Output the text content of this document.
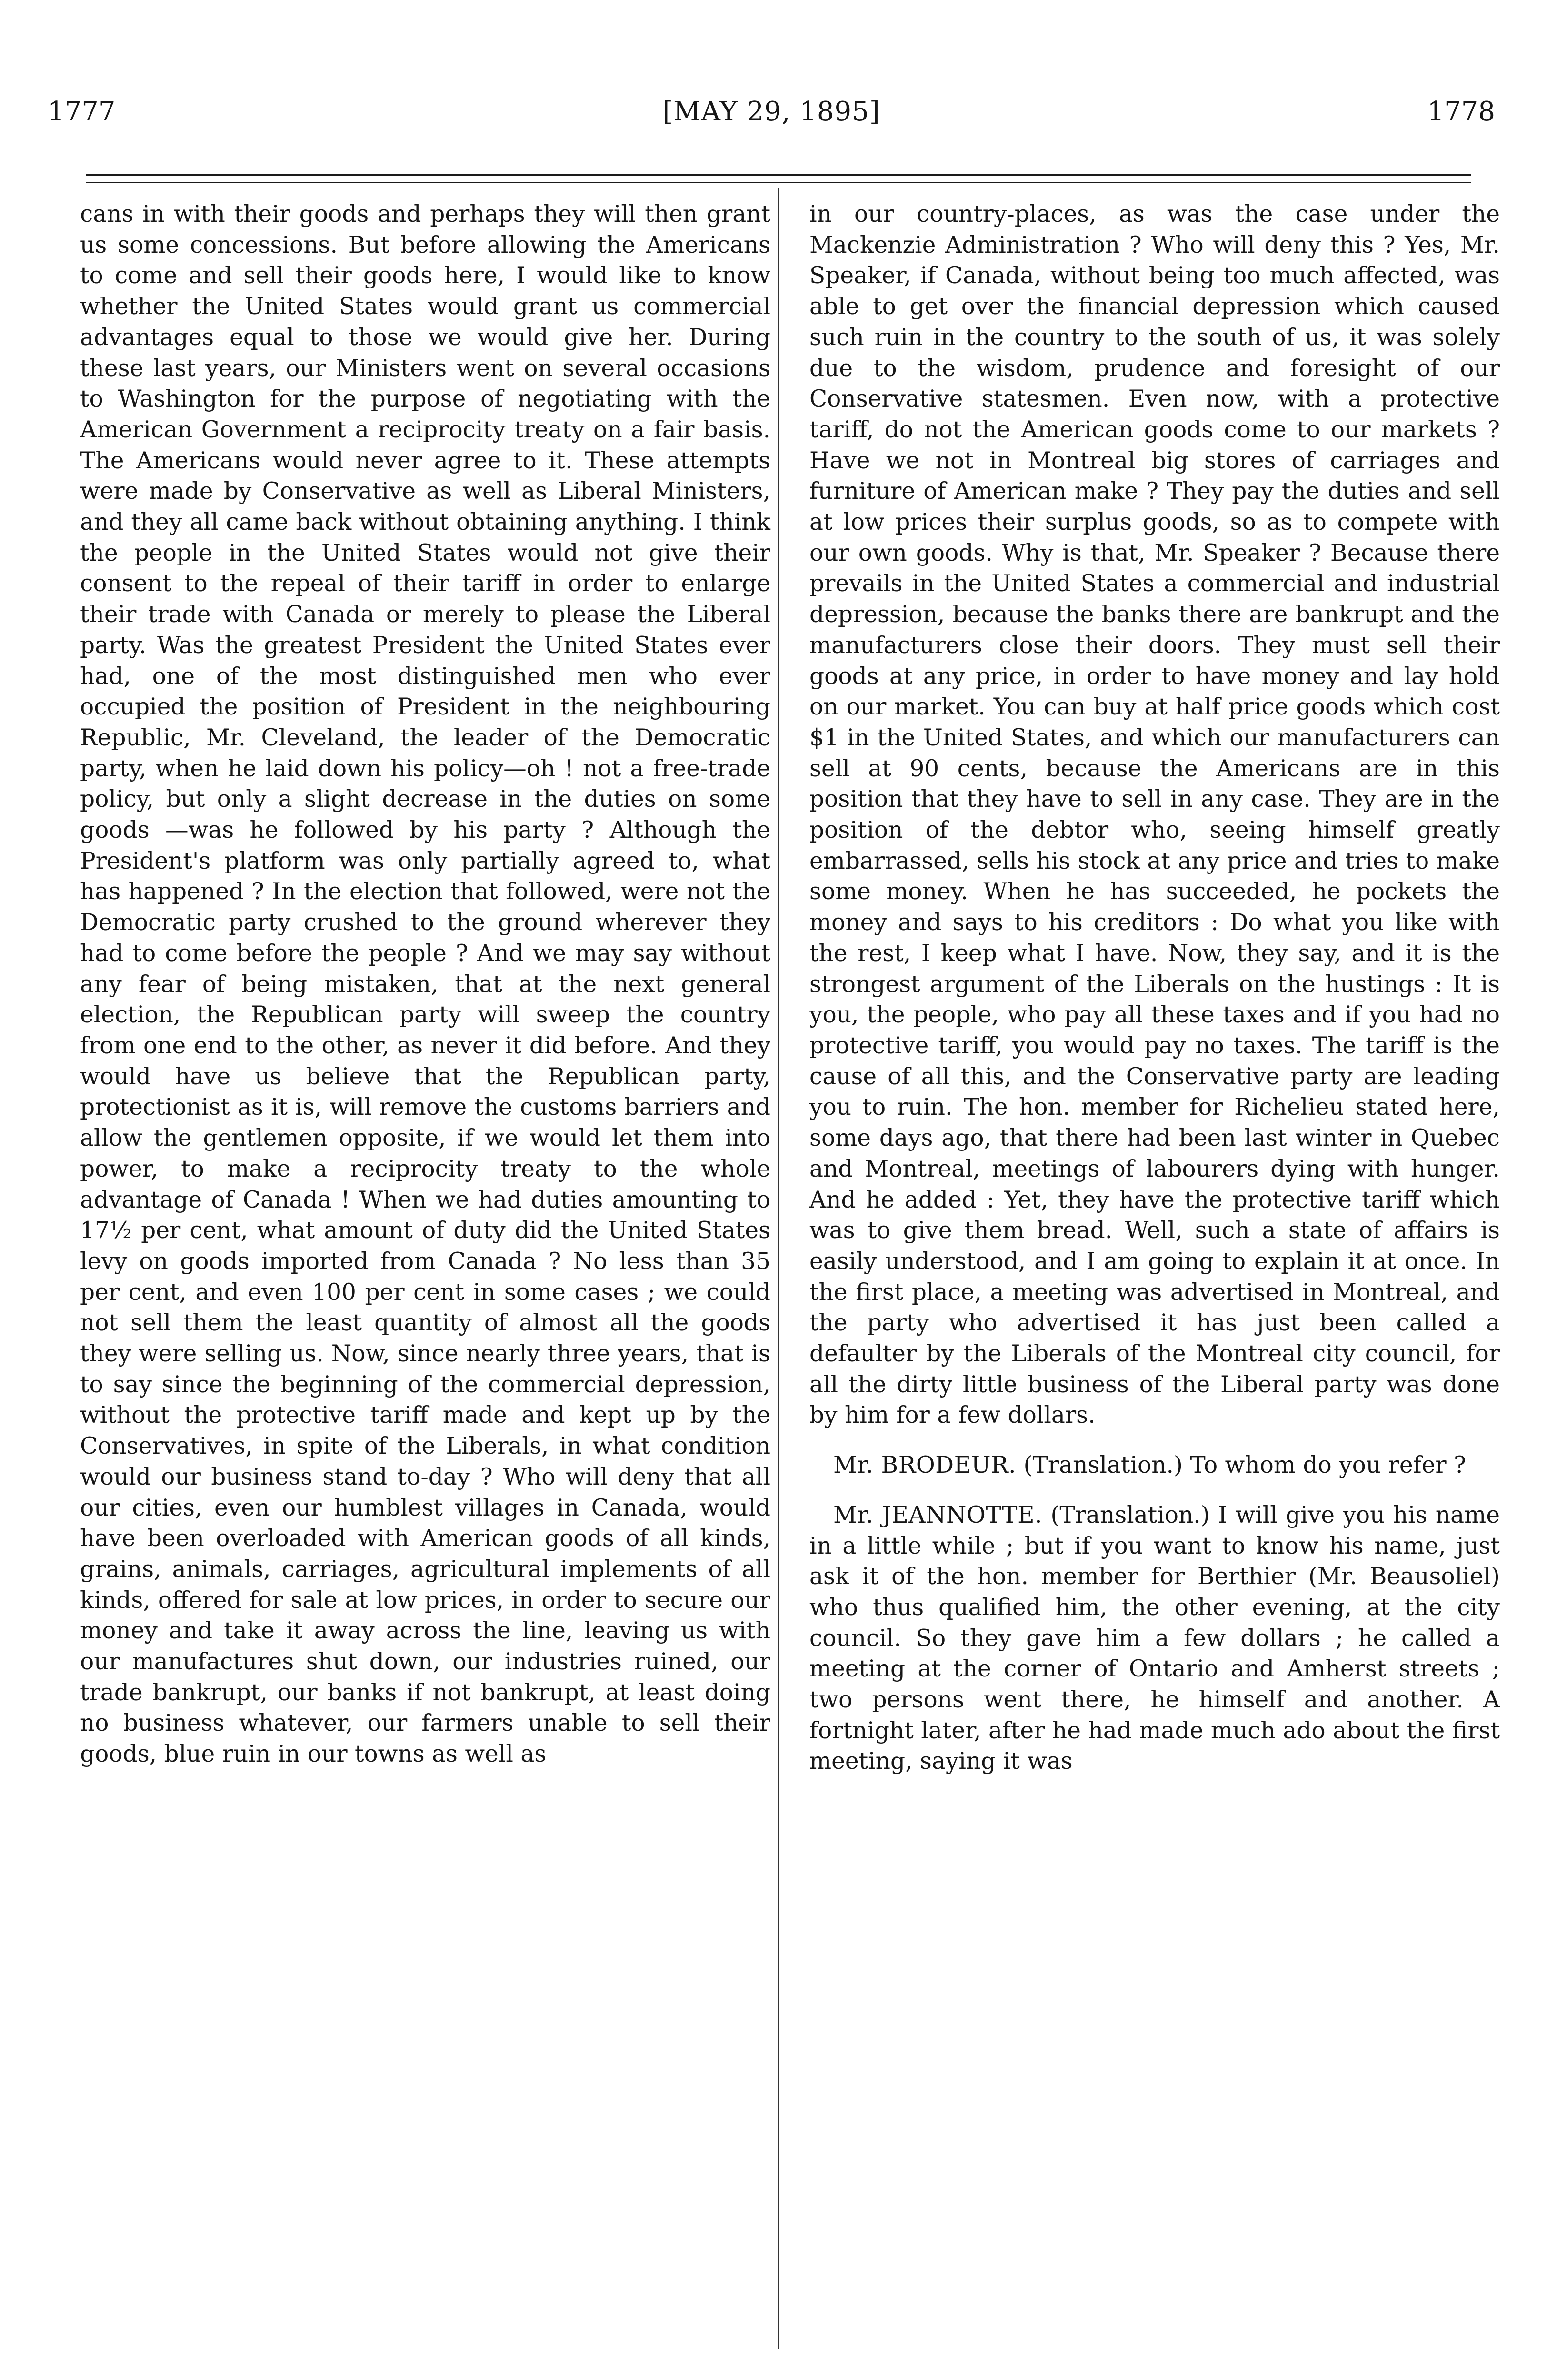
1777	[MAY 29, 1895]	1778

cans in with their goods and perhaps they will then grant us some concessions. But before allowing the Americans to come and sell their goods here, I would like to know whether the United States would grant us commercial advantages equal to those we would give her. During these last years, our Ministers went on several occasions to Washington for the purpose of negotiating with the American Government a reciprocity treaty on a fair basis. The Americans would never agree to it. These attempts were made by Conservative as well as Liberal Ministers, and they all came back without obtaining anything. I think the people in the United States would not give their consent to the repeal of their tariff in order to enlarge their trade with Canada or merely to please the Liberal party. Was the greatest President the United States ever had, one of the most distinguished men who ever occupied the position of President in the neighbouring Republic, Mr. Cleveland, the leader of the Democratic party, when he laid down his policy—oh ! not a free-trade policy, but only a slight decrease in the duties on some goods —was he followed by his party ? Although the President's platform was only partially agreed to, what has happened ? In the election that followed, were not the Democratic party crushed to the ground wherever they had to come before the people ? And we may say without any fear of being mistaken, that at the next general election, the Republican party will sweep the country from one end to the other, as never it did before. And they would have us believe that the Republican party, protectionist as it is, will remove the customs barriers and allow the gentlemen opposite, if we would let them into power, to make a reciprocity treaty to the whole advantage of Canada ! When we had duties amounting to 17½ per cent, what amount of duty did the United States levy on goods imported from Canada ? No less than 35 per cent, and even 100 per cent in some cases ; we could not sell them the least quantity of almost all the goods they were selling us. Now, since nearly three years, that is to say since the beginning of the commercial depression, without the protective tariff made and kept up by the Conservatives, in spite of the Liberals, in what condition would our business stand to-day ? Who will deny that all our cities, even our humblest villages in Canada, would have been overloaded with American goods of all kinds, grains, animals, carriages, agricultural implements of all kinds, offered for sale at low prices, in order to secure our money and take it away across the line, leaving us with our manufactures shut down, our industries ruined, our trade bankrupt, our banks if not bankrupt, at least doing no business whatever, our farmers unable to sell their goods, blue ruin in our towns as well as

in our country-places, as was the case under the Mackenzie Administration ? Who will deny this ? Yes, Mr. Speaker, if Canada, without being too much affected, was able to get over the financial depression which caused such ruin in the country to the south of us, it was solely due to the wisdom, prudence and foresight of our Conservative statesmen. Even now, with a protective tariff, do not the American goods come to our markets ? Have we not in Montreal big stores of carriages and furniture of American make ? They pay the duties and sell at low prices their surplus goods, so as to compete with our own goods. Why is that, Mr. Speaker ? Because there prevails in the United States a commercial and industrial depression, because the banks there are bankrupt and the manufacturers close their doors. They must sell their goods at any price, in order to have money and lay hold on our market. You can buy at half price goods which cost $1 in the United States, and which our manufacturers can sell at 90 cents, because the Americans are in this position that they have to sell in any case. They are in the position of the debtor who, seeing himself greatly embarrassed, sells his stock at any price and tries to make some money. When he has succeeded, he pockets the money and says to his creditors : Do what you like with the rest, I keep what I have. Now, they say, and it is the strongest argument of the Liberals on the hustings : It is you, the people, who pay all these taxes and if you had no protective tariff, you would pay no taxes. The tariff is the cause of all this, and the Conservative party are leading you to ruin. The hon. member for Richelieu stated here, some days ago, that there had been last winter in Quebec and Montreal, meetings of labourers dying with hunger. And he added : Yet, they have the protective tariff which was to give them bread. Well, such a state of affairs is easily understood, and I am going to explain it at once. In the first place, a meeting was advertised in Montreal, and the party who advertised it has just been called a defaulter by the Liberals of the Montreal city council, for all the dirty little business of the Liberal party was done by him for a few dollars.

Mr. BRODEUR. (Translation.) To whom do you refer ?

Mr. JEANNOTTE. (Translation.) I will give you his name in a little while ; but if you want to know his name, just ask it of the hon. member for Berthier (Mr. Beausoliel) who thus qualified him, the other evening, at the city council. So they gave him a few dollars ; he called a meeting at the corner of Ontario and Amherst streets ; two persons went there, he himself and another. A fortnight later, after he had made much ado about the first meeting, saying it was
